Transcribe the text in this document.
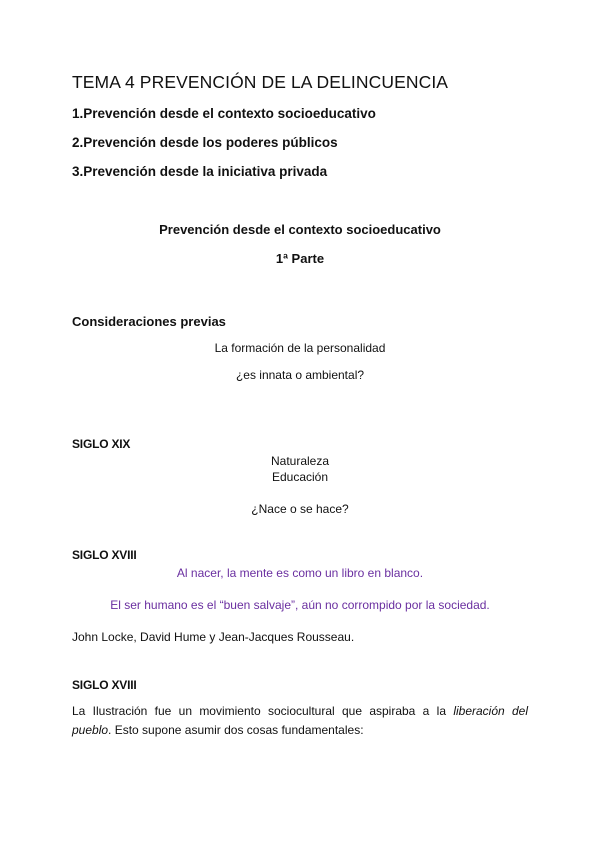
TEMA 4 PREVENCIÓN DE LA DELINCUENCIA
1.Prevención desde el contexto socioeducativo
2.Prevención desde los poderes públicos
3.Prevención desde la iniciativa privada
Prevención desde el contexto socioeducativo
1ª Parte
Consideraciones previas
La formación de la personalidad
¿es innata o ambiental?
SIGLO XIX
Naturaleza
Educación
¿Nace o se hace?
SIGLO XVIII
Al nacer, la mente es como un libro en blanco.
El ser humano es el “buen salvaje”, aún no corrompido por la sociedad.
John Locke, David Hume y Jean-Jacques Rousseau.
SIGLO XVIII
La Ilustración fue un movimiento sociocultural que aspiraba a la liberación del
pueblo. Esto supone asumir dos cosas fundamentales:
